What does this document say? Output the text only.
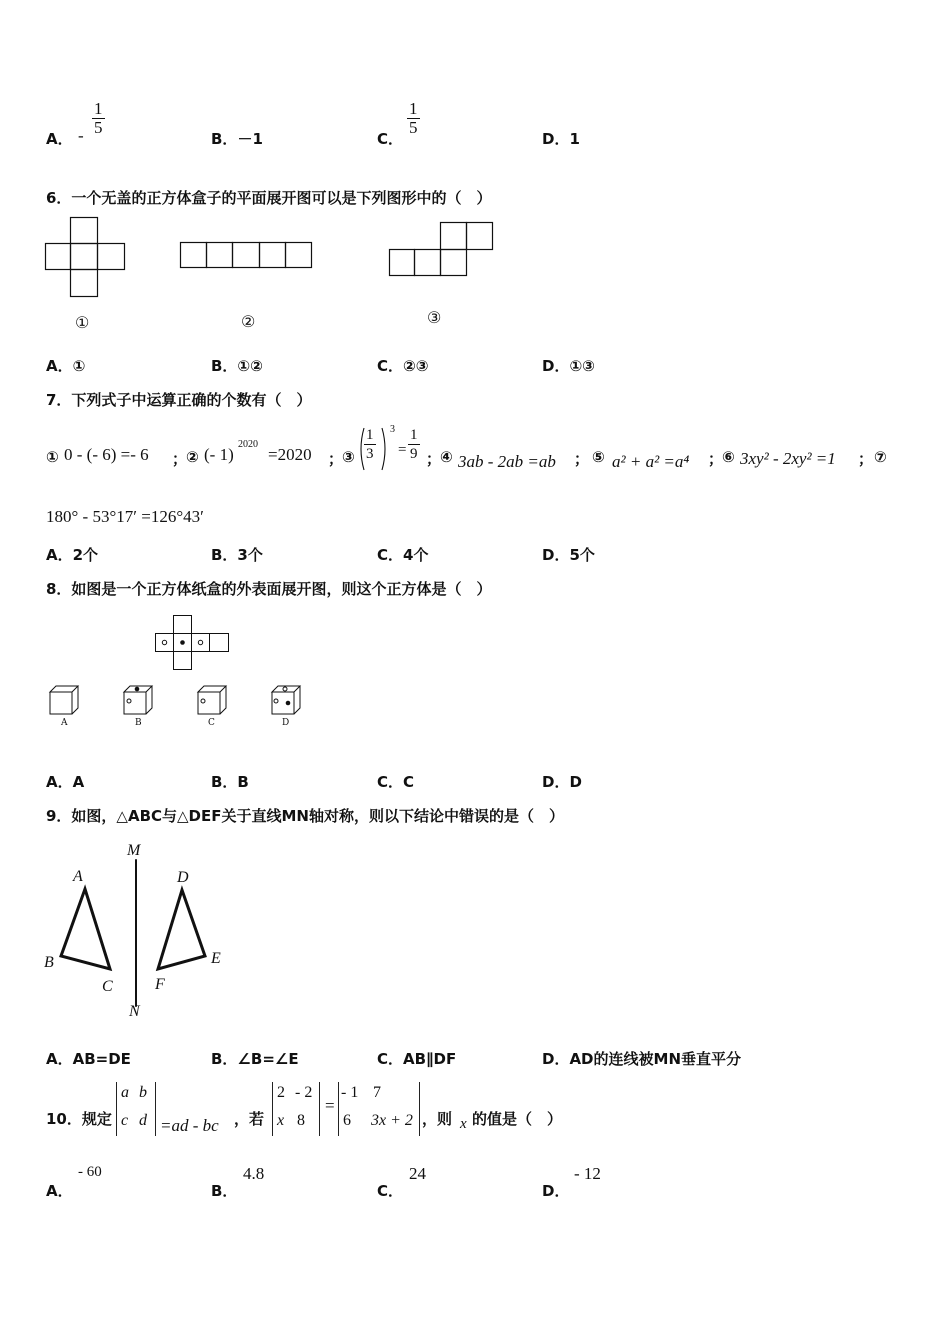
A． - $\frac{1}{5}$
B．－1	C．
$\frac{1}{5}$
D．1
6．一个无盖的正方体盒子的平面展开图可以是下列图形中的（　）
①	②	③
A．①	B．①②	C．②③	D．①③
7．下列式子中运算正确的个数有（　）
① 0 - (- 6) =- 6 ；
② (- 1)
2020
=2020 ；
③ $\frac{1}{3} 3$
= $\frac{1}{9}$ ；
④ 3ab - 2ab =ab ； ⑤ a² + a² =a⁴ ；
⑥ 3xy² - 2xy² =1 ； ⑦
180° - 53°17′ =126°43′
A．2个	B．3个	C．4个	D．5个
8．如图是一个正方体纸盒的外表面展开图，则这个正方体是（　）
A	B	C	D
A．A	B．B	C．C	D．D
9．如图，△ABC与△DEF关于直线MN轴对称，则以下结论中错误的是（　）
M
N
A
B
C
D
E
F
A．AB=DE	B．∠B=∠E	C．AB∥DF	D．AD的连线被MN垂直平分
10．规定
a b
c d =ad - bc ，若
2 - 2
x 8
=
- 1 7
6 3x + 2 ，则 x 的值是（　）
A．
- 60
B．
4.8
C．
24
D．
- 12
